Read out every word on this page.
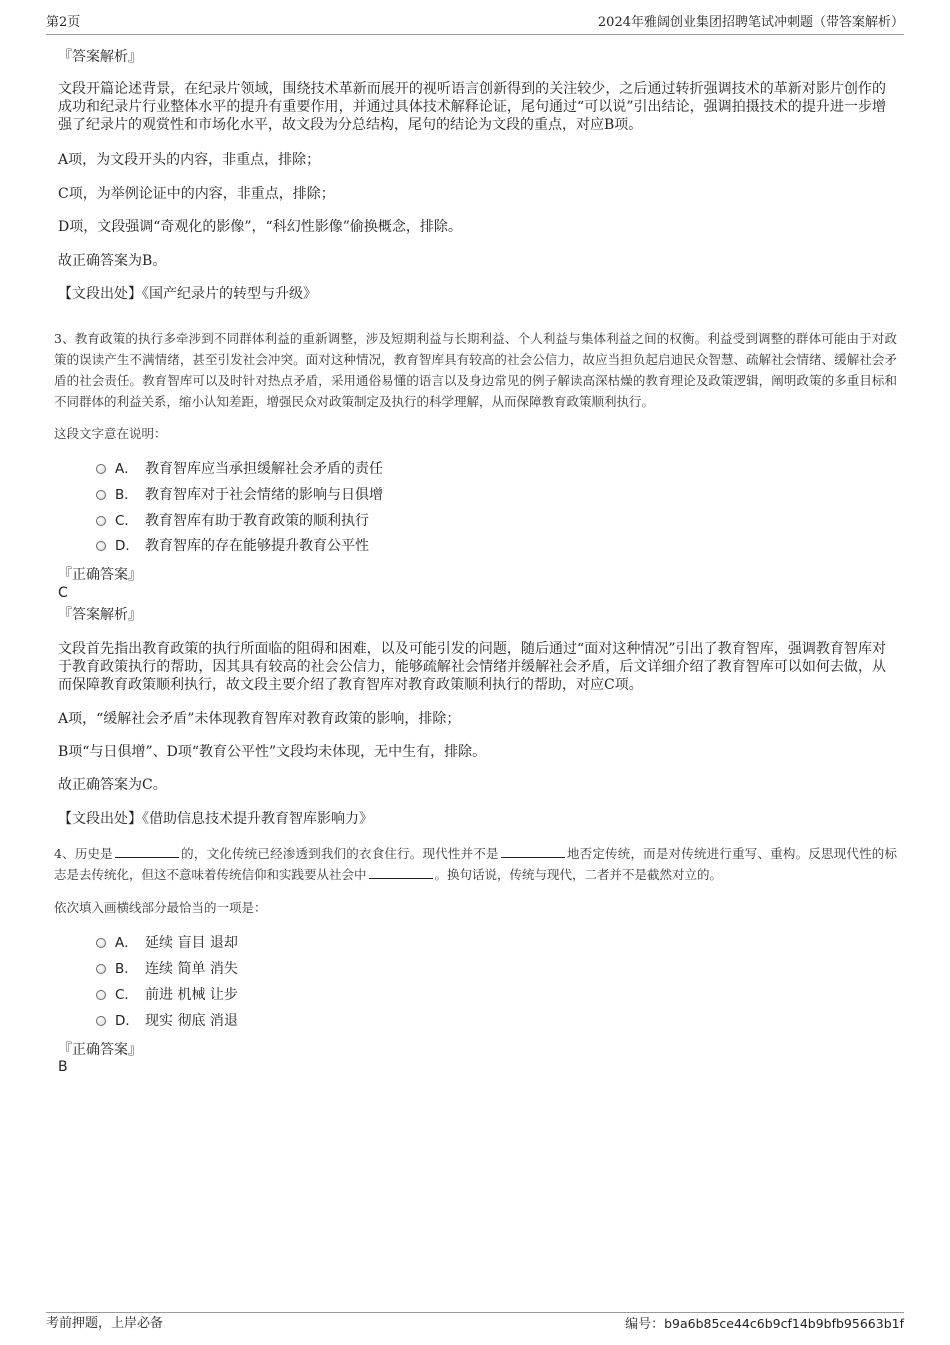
第2页	2024年雅阔创业集团招聘笔试冲刺题（带答案解析）
『答案解析』
文段开篇论述背景，在纪录片领域，围绕技术革新而展开的视听语言创新得到的关注较少，之后通过转折强调技术的革新对影片创作的成功和纪录片行业整体水平的提升有重要作用，并通过具体技术解释论证，尾句通过“可以说”引出结论，强调拍摄技术的提升进一步增强了纪录片的观赏性和市场化水平，故文段为分总结构，尾句的结论为文段的重点，对应B项。
A项，为文段开头的内容，非重点，排除；
C项，为举例论证中的内容，非重点，排除；
D项，文段强调“奇观化的影像”，“科幻性影像”偷换概念，排除。
故正确答案为B。
【文段出处】《国产纪录片的转型与升级》
3、教育政策的执行多牵涉到不同群体利益的重新调整，涉及短期利益与长期利益、个人利益与集体利益之间的权衡。利益受到调整的群体可能由于对政策的误读产生不满情绪，甚至引发社会冲突。面对这种情况，教育智库具有较高的社会公信力，故应当担负起启迪民众智慧、疏解社会情绪、缓解社会矛盾的社会责任。教育智库可以及时针对热点矛盾，采用通俗易懂的语言以及身边常见的例子解读高深枯燥的教育理论及政策逻辑，阐明政策的多重目标和不同群体的利益关系，缩小认知差距，增强民众对政策制定及执行的科学理解，从而保障教育政策顺利执行。
这段文字意在说明：
A． 教育智库应当承担缓解社会矛盾的责任
B． 教育智库对于社会情绪的影响与日俱增
C． 教育智库有助于教育政策的顺利执行
D． 教育智库的存在能够提升教育公平性
『正确答案』
C
『答案解析』
文段首先指出教育政策的执行所面临的阻碍和困难，以及可能引发的问题，随后通过“面对这种情况”引出了教育智库，强调教育智库对于教育政策执行的帮助，因其具有较高的社会公信力，能够疏解社会情绪并缓解社会矛盾，后文详细介绍了教育智库可以如何去做，从而保障教育政策顺利执行，故文段主要介绍了教育智库对教育政策顺利执行的帮助，对应C项。
A项，“缓解社会矛盾”未体现教育智库对教育政策的影响，排除；
B项“与日俱增”、D项“教育公平性”文段均未体现，无中生有，排除。
故正确答案为C。
【文段出处】《借助信息技术提升教育智库影响力》
4、历史是	的，文化传统已经渗透到我们的衣食住行。现代性并不是	地否定传统，而是对传统进行重写、重构。反思现代性的标志是去传统化，但这不意味着传统信仰和实践要从社会中	。换句话说，传统与现代，二者并不是截然对立的。
依次填入画横线部分最恰当的一项是：
A． 延续 盲目 退却
B． 连续 简单 消失
C． 前进 机械 让步
D． 现实 彻底 消退
『正确答案』
B
考前押题，上岸必备	编号：b9a6b85ce44c6b9cf14b9bfb95663b1f
